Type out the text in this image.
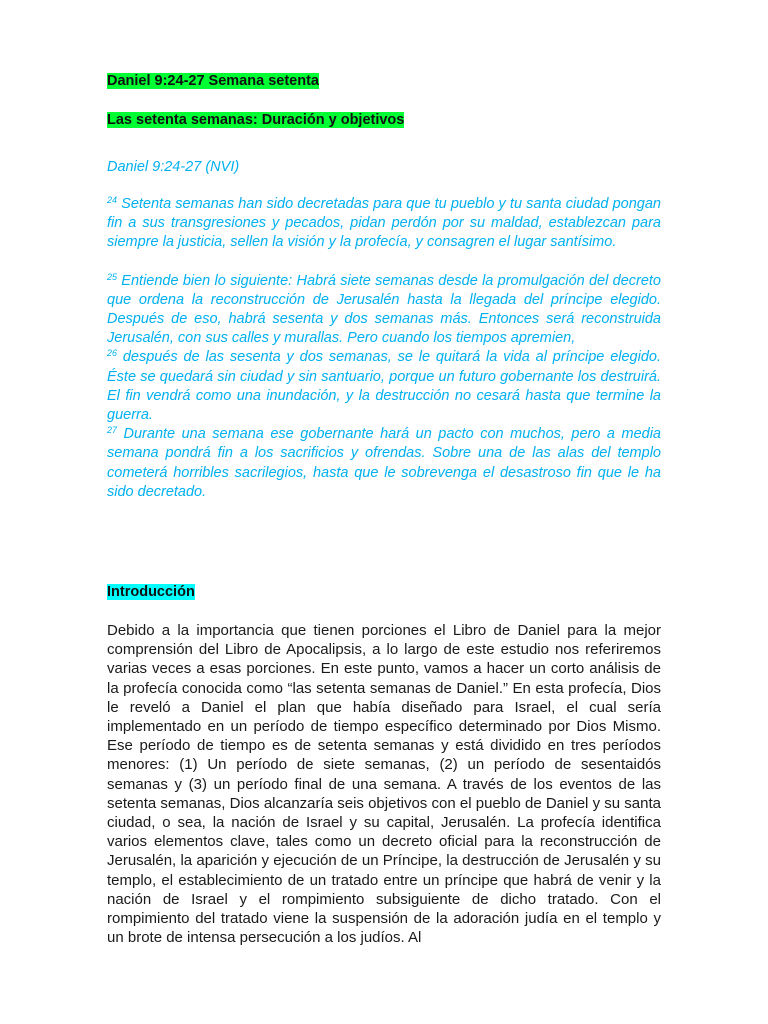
Daniel 9:24-27 Semana setenta
Las setenta semanas: Duración y objetivos
Daniel 9:24-27 (NVI)

$^{24}$ Setenta semanas han sido decretadas para que tu pueblo y tu santa ciudad pongan fin a sus transgresiones y pecados, pidan perdón por su maldad, establezcan para siempre la justicia, sellen la visión y la profecía, y consagren el lugar santísimo.

$^{25}$ Entiende bien lo siguiente: Habrá siete semanas desde la promulgación del decreto que ordena la reconstrucción de Jerusalén hasta la llegada del príncipe elegido. Después de eso, habrá sesenta y dos semanas más. Entonces será reconstruida Jerusalén, con sus calles y murallas. Pero cuando los tiempos apremien,

$^{26}$ después de las sesenta y dos semanas, se le quitará la vida al príncipe elegido. Éste se quedará sin ciudad y sin santuario, porque un futuro gobernante los destruirá. El fin vendrá como una inundación, y la destrucción no cesará hasta que termine la guerra.

$^{27}$ Durante una semana ese gobernante hará un pacto con muchos, pero a media semana pondrá fin a los sacrificios y ofrendas. Sobre una de las alas del templo cometerá horribles sacrilegios, hasta que le sobrevenga el desastroso fin que le ha sido decretado.

Introducción

Debido a la importancia que tienen porciones el Libro de Daniel para la mejor comprensión del Libro de Apocalipsis, a lo largo de este estudio nos referiremos varias veces a esas porciones. En este punto, vamos a hacer un corto análisis de la profecía conocida como “las setenta semanas de Daniel.” En esta profecía, Dios le reveló a Daniel el plan que había diseñado para Israel, el cual sería implementado en un período de tiempo específico determinado por Dios Mismo. Ese período de tiempo es de setenta semanas y está dividido en tres períodos menores: (1) Un período de siete semanas, (2) un período de sesentaidós semanas y (3) un período final de una semana. A través de los eventos de las setenta semanas, Dios alcanzaría seis objetivos con el pueblo de Daniel y su santa ciudad, o sea, la nación de Israel y su capital, Jerusalén. La profecía identifica varios elementos clave, tales como un decreto oficial para la reconstrucción de Jerusalén, la aparición y ejecución de un Príncipe, la destrucción de Jerusalén y su templo, el establecimiento de un tratado entre un príncipe que habrá de venir y la nación de Israel y el rompimiento subsiguiente de dicho tratado. Con el rompimiento del tratado viene la suspensión de la adoración judía en el templo y un brote de intensa persecución a los judíos. Al
